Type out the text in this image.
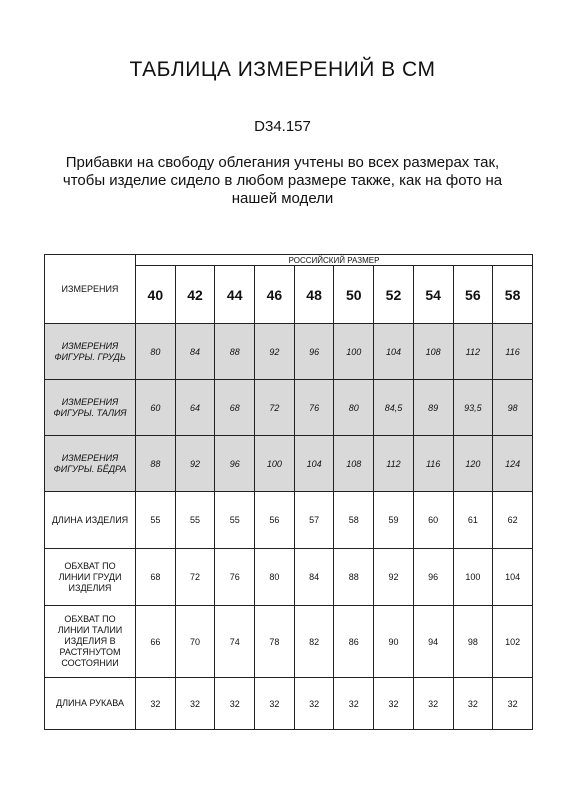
ТАБЛИЦА ИЗМЕРЕНИЙ В СМ
D34.157
Прибавки на свободу облегания учтены во всех размерах так, чтобы изделие сидело в любом размере также, как на фото на нашей модели
ИЗМЕРЕНИЯ	РОССИЙСКИЙ РАЗМЕР									
	40	42	44	46	48	50	52	54	56	58
ИЗМЕРЕНИЯ ФИГУРЫ. ГРУДЬ	80	84	88	92	96	100	104	108	112	116
ИЗМЕРЕНИЯ ФИГУРЫ. ТАЛИЯ	60	64	68	72	76	80	84,5	89	93,5	98
ИЗМЕРЕНИЯ ФИГУРЫ. БЁДРА	88	92	96	100	104	108	112	116	120	124
ДЛИНА ИЗДЕЛИЯ	55	55	55	56	57	58	59	60	61	62
ОБХВАТ ПО ЛИНИИ ГРУДИ ИЗДЕЛИЯ	68	72	76	80	84	88	92	96	100	104
ОБХВАТ ПО ЛИНИИ ТАЛИИ ИЗДЕЛИЯ В РАСТЯНУТОМ СОСТОЯНИИ	66	70	74	78	82	86	90	94	98	102
ДЛИНА РУКАВА	32	32	32	32	32	32	32	32	32	32
